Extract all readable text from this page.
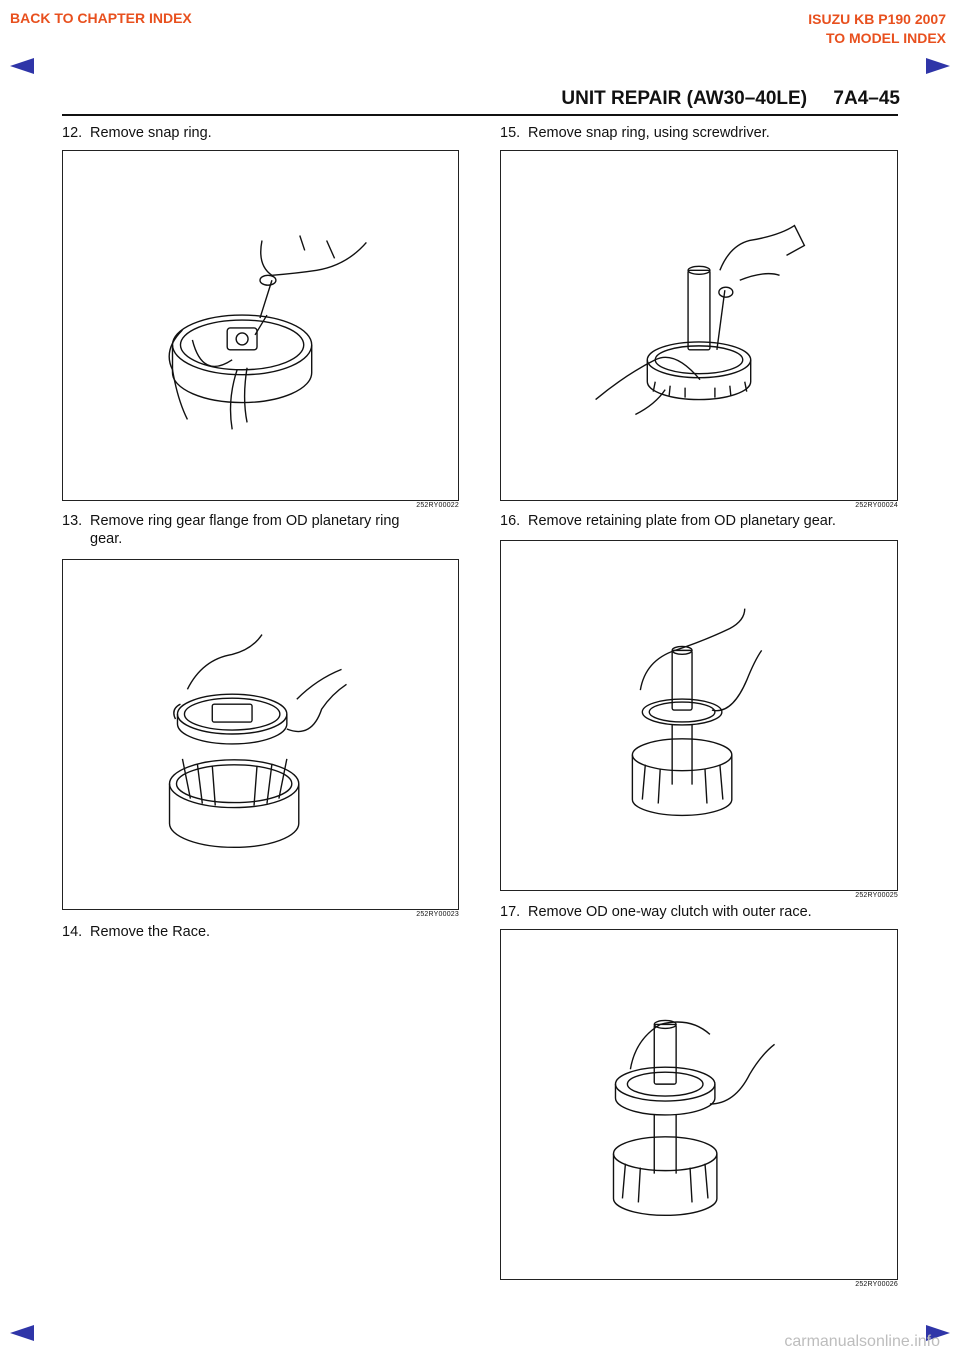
BACK TO CHAPTER INDEX	ISUZU KB P190 2007
TO MODEL INDEX
UNIT REPAIR (AW30–40LE)     7A4–45
12. Remove snap ring.
252RY00022
13. Remove ring gear flange from OD planetary ring
gear.
252RY00023
14. Remove the Race.
15. Remove snap ring, using screwdriver.
252RY00024
16. Remove retaining plate from OD planetary gear.
252RY00025
17. Remove OD one-way clutch with outer race.
252RY00026
carmanualsonline.info
